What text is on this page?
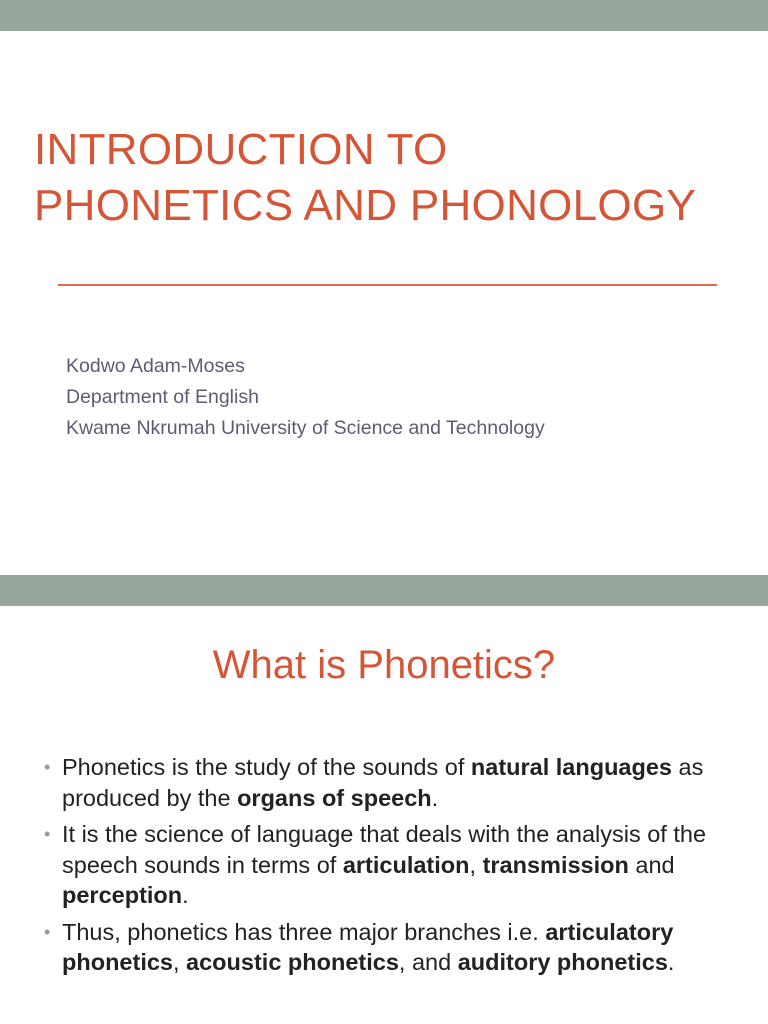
INTRODUCTION TO
PHONETICS AND PHONOLOGY
Kodwo Adam-Moses
Department of English
Kwame Nkrumah University of Science and Technology
What is Phonetics?
• Phonetics is the study of the sounds of natural languages as produced by the organs of speech.
• It is the science of language that deals with the analysis of the speech sounds in terms of articulation, transmission and perception.
• Thus, phonetics has three major branches i.e. articulatory phonetics, acoustic phonetics, and auditory phonetics.
